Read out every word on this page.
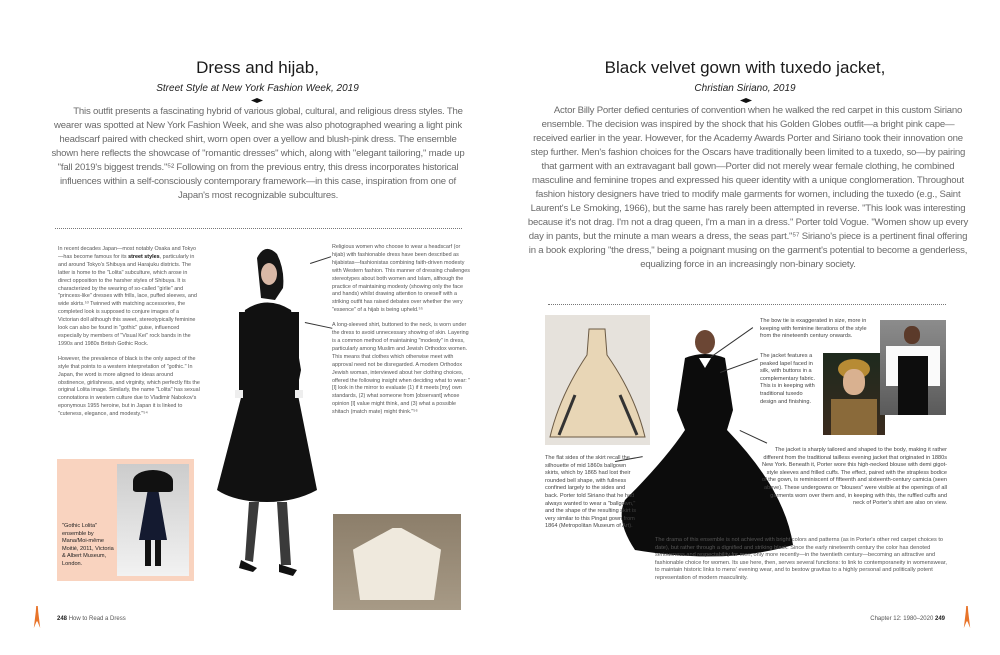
Dress and hijab,
Street Style at New York Fashion Week, 2019
This outfit presents a fascinating hybrid of various global, cultural, and religious dress styles. The wearer was spotted at New York Fashion Week, and she was also photographed wearing a light pink headscarf paired with checked shirt, worn open over a yellow and blush-pink dress. The ensemble shown here reflects the showcase of "romantic dresses" which, along with "elegant tailoring," made up "fall 2019's biggest trends."⁵² Following on from the previous entry, this dress incorporates historical influences within a self-consciously contemporary framework—in this case, inspiration from one of Japan's most recognizable subcultures.

In recent decades Japan—most notably Osaka and Tokyo—has become famous for its street styles, particularly in and around Tokyo's Shibuya and Harajuku districts. The latter is home to the "Lolita" subculture, which arose in direct opposition to the harsher styles of Shibuya. It is characterized by the wearing of so-called "girlie" and "princess-like" dresses with frills, lace, puffed sleeves, and wide skirts.⁵³ Twinned with matching accessories, the completed look is supposed to conjure images of a Victorian doll although this sweet, stereotypically feminine look can also be found in "gothic" guise, influenced especially by members of "Visual Kei" rock bands in the 1990s and 1980s British Gothic Rock.

However, the prevalence of black is the only aspect of the style that points to a western interpretation of "gothic." In Japan, the word is more aligned to ideas around obstinence, girlishness, and virginity, which perfectly fits the original Lolita image. Similarly, the name "Lolita" has sexual connotations in western culture due to Vladimir Nabokov's eponymous 1955 heroine, but in Japan it is linked to "cuteness, elegance, and modesty."⁵⁴

Religious women who choose to wear a headscarf (or hijab) with fashionable dress have been described as hijabistas—fashionistas combining faith-driven modesty with Western fashion. This manner of dressing challenges stereotypes about both women and Islam, although the practice of maintaining modesty (showing only the face and hands) whilst drawing attention to oneself with a striking outfit has raised debates over whether the very "essence" of a hijab is being upheld.⁵⁵

A long-sleeved shirt, buttoned to the neck, is worn under the dress to avoid unnecessary showing of skin. Layering is a common method of maintaining "modesty" in dress, particularly among Muslim and Jewish Orthodox women. This means that clothes which otherwise meet with approval need not be disregarded. A modern Orthodox Jewish woman, interviewed about her clothing choices, offered the following insight when deciding what to wear: "[I] look in the mirror to evaluate (1) if it meets [my] own standards, (2) what someone from [observant] whose opinion [I] value might think, and (3) what a possible shitach (match mate) might think."⁵⁶

"Gothic Lolita" ensemble by Mana/Moi-même Moitié, 2011, Victoria & Albert Museum, London.
248 How to Read a Dress
Black velvet gown with tuxedo jacket,
Christian Siriano, 2019
Actor Billy Porter defied centuries of convention when he walked the red carpet in this custom Siriano ensemble. The decision was inspired by the shock that his Golden Globes outfit—a bright pink cape—received earlier in the year. However, for the Academy Awards Porter and Siriano took their innovation one step further. Men's fashion choices for the Oscars have traditionally been limited to a tuxedo, so—by pairing that garment with an extravagant ball gown—Porter did not merely wear female clothing, he combined masculine and feminine tropes and expressed his queer identity with a unique conglomeration. Throughout fashion history designers have tried to modify male garments for women, including the tuxedo (e.g., Saint Laurent's Le Smoking, 1966), but the same has rarely been attempted in reverse. "This look was interesting because it's not drag. I'm not a drag queen, I'm a man in a dress." Porter told Vogue. "Women show up every day in pants, but the minute a man wears a dress, the seas part."⁵⁷ Siriano's piece is a pertinent final offering in a book exploring "the dress," being a poignant musing on the garment's potential to become a genderless, equalizing force in an increasingly non-binary society.
The bow tie is exaggerated in size, more in keeping with feminine iterations of the style from the nineteenth century onwards.
The jacket features a peaked lapel faced in silk, with buttons in a complementary fabric. This is in keeping with traditional tuxedo design and finishing.
The jacket is sharply tailored and shaped to the body, making it rather different from the traditional tailless evening jacket that originated in 1880s New York. Beneath it, Porter wore this high-necked blouse with demi gigot-style sleeves and frilled cuffs. The effect, paired with the strapless bodice of the gown, is reminiscent of fifteenth and sixteenth-century camicia (seen above). These undergowns or "blouses" were visible at the openings of all garments worn over them and, in keeping with this, the ruffled cuffs and neck of Porter's shirt are also on view.
The flat sides of the skirt recall the silhouette of mid 1860s ballgown skirts, which by 1865 had lost their rounded bell shape, with fullness confined largely to the sides and back. Porter told Siriano that he had always wanted to wear a "ballgown," and the shape of the resulting skirt is very similar to this Pingat gown from 1864 (Metropolitan Museum of Art).
The drama of this ensemble is not achieved with bright colors and patterns (as in Porter's other red carpet choices to date), but rather through a dignified and striking black. Since the early nineteenth century the color has denoted seriousness and respectability for men, only more recently—in the twentieth century—becoming an attractive and fashionable choice for women. Its use here, then, serves several functions: to link to contemporaneity in womenswear, to maintain historic links to mens' evening wear, and to bestow gravitas to a highly personal and politically potent representation of modern masculinity.
Chapter 12: 1980–2020 249
